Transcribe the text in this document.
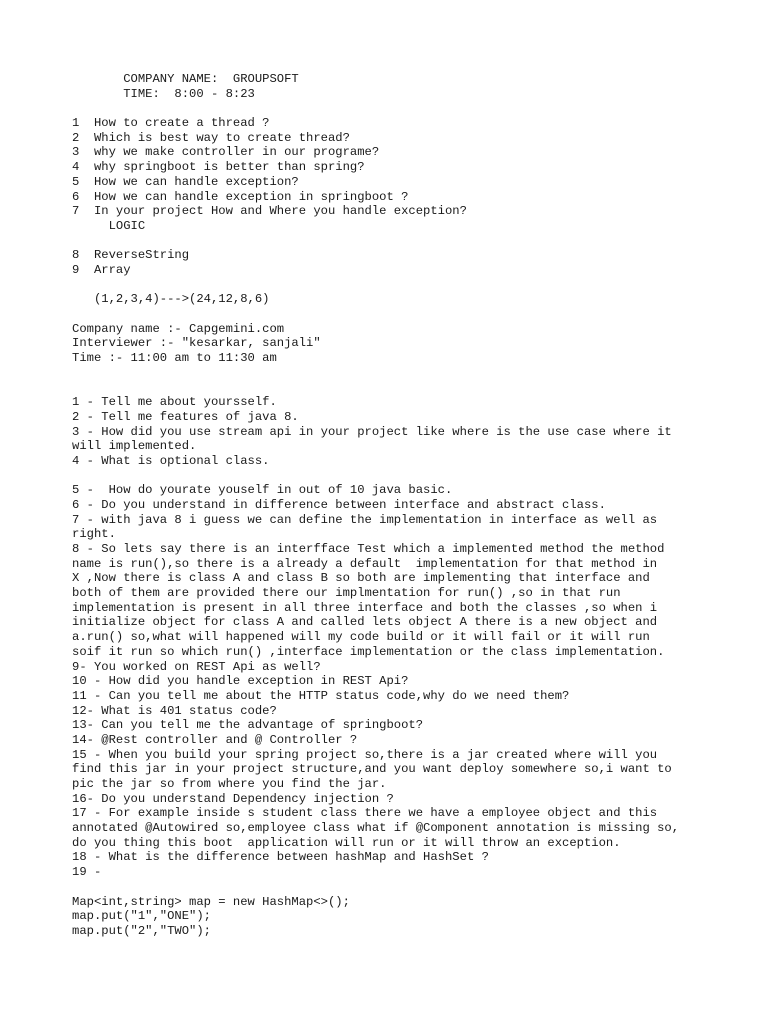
COMPANY NAME:  GROUPSOFT
TIME:  8:00 - 8:23
1  How to create a thread ?
2  Which is best way to create thread?
3  why we make controller in our programe?
4  why springboot is better than spring?
5  How we can handle exception?
6  How we can handle exception in springboot ?
7  In your project How and Where you handle exception?
LOGIC
8  ReverseString
9  Array
(1,2,3,4)--->(24,12,8,6)
Company name :- Capgemini.com
Interviewer :- "kesarkar, sanjali"
Time :- 11:00 am to 11:30 am
1 - Tell me about yoursself.
2 - Tell me features of java 8.
3 - How did you use stream api in your project like where is the use case where it
will implemented.
4 - What is optional class.
5 -  How do yourate youself in out of 10 java basic.
6 - Do you understand in difference between interface and abstract class.
7 - with java 8 i guess we can define the implementation in interface as well as
right.
8 - So lets say there is an interfface Test which a implemented method the method
name is run(),so there is a already a default  implementation for that method in
X ,Now there is class A and class B so both are implementing that interface and
both of them are provided there our implmentation for run() ,so in that run
implementation is present in all three interface and both the classes ,so when i
initialize object for class A and called lets object A there is a new object and
a.run() so,what will happened will my code build or it will fail or it will run
soif it run so which run() ,interface implementation or the class implementation.
9- You worked on REST Api as well?
10 - How did you handle exception in REST Api?
11 - Can you tell me about the HTTP status code,why do we need them?
12- What is 401 status code?
13- Can you tell me the advantage of springboot?
14- @Rest controller and @ Controller ?
15 - When you build your spring project so,there is a jar created where will you
find this jar in your project structure,and you want deploy somewhere so,i want to
pic the jar so from where you find the jar.
16- Do you understand Dependency injection ?
17 - For example inside s student class there we have a employee object and this
annotated @Autowired so,employee class what if @Component annotation is missing so,
do you thing this boot  application will run or it will throw an exception.
18 - What is the difference between hashMap and HashSet ?
19 -
Map<int,string> map = new HashMap<>();
map.put("1","ONE");
map.put("2","TWO");
